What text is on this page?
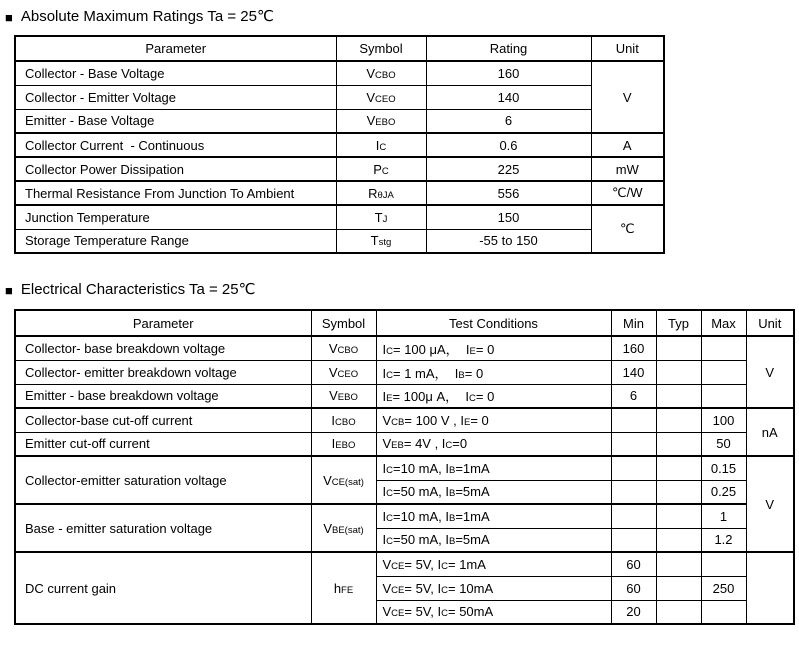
■ Absolute Maximum Ratings Ta = 25℃
Parameter	Symbol	Rating	Unit
Collector - Base Voltage	VCBO	160	V
Collector - Emitter Voltage	VCEO	140	
Emitter - Base Voltage	VEBO	6	
Collector Current  - Continuous	IC	0.6	A
Collector Power Dissipation	PC	225	mW
Thermal Resistance From Junction To Ambient	RθJA	556	℃/W
Junction Temperature	TJ	150	℃
Storage Temperature Range	Tstg	-55 to 150	
■ Electrical Characteristics Ta = 25℃
Parameter	Symbol	Test Conditions	Min	Typ	Max	Unit
Collector- base breakdown voltage	VCBO	IC= 100 μA，  IE= 0	160			V
Collector- emitter breakdown voltage	VCEO	IC= 1 mA，  IB= 0	140			
Emitter - base breakdown voltage	VEBO	IE= 100μ A，  IC= 0	6			
Collector-base cut-off current	ICBO	VCB= 100 V , IE= 0			100	nA
Emitter cut-off current	IEBO	VEB= 4V , IC=0			50	
Collector-emitter saturation voltage	VCE(sat)	IC=10 mA, IB=1mA			0.15	V
		IC=50 mA, IB=5mA			0.25	
Base - emitter saturation voltage	VBE(sat)	IC=10 mA, IB=1mA			1	
		IC=50 mA, IB=5mA			1.2	
DC current gain	hFE	VCE= 5V, IC= 1mA	60			
		VCE= 5V, IC= 10mA	60		250	
		VCE= 5V, IC= 50mA	20			
